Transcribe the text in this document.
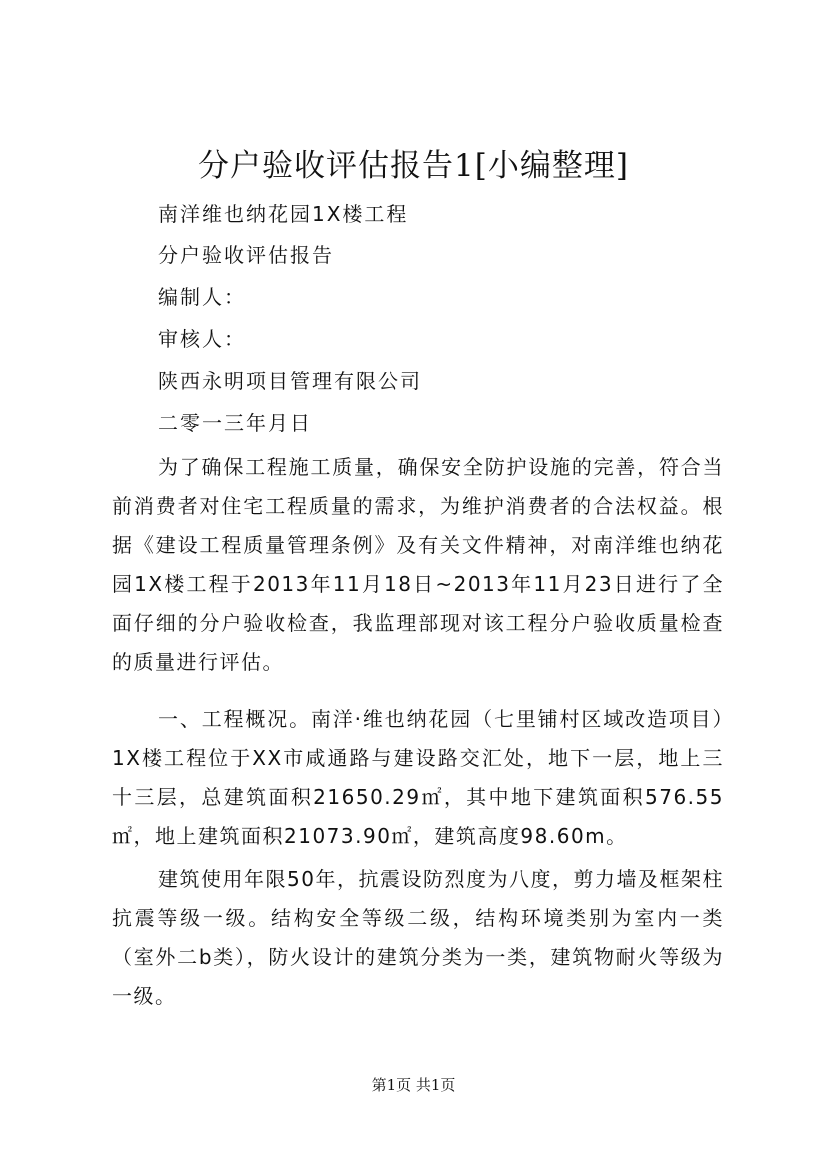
分户验收评估报告1[小编整理]
南洋维也纳花园1X楼工程
分户验收评估报告
编制人：
审核人：
陕西永明项目管理有限公司
二零一三年月日
为了确保工程施工质量，确保安全防护设施的完善，符合当前消费者对住宅工程质量的需求，为维护消费者的合法权益。根据《建设工程质量管理条例》及有关文件精神，对南洋维也纳花园1X楼工程于2013年11月18日~2013年11月23日进行了全面仔细的分户验收检查，我监理部现对该工程分户验收质量检查的质量进行评估。
一、工程概况。南洋·维也纳花园（七里铺村区域改造项目）1X楼工程位于XX市咸通路与建设路交汇处，地下一层，地上三十三层，总建筑面积21650.29㎡，其中地下建筑面积576.55㎡，地上建筑面积21073.90㎡，建筑高度98.60m。
建筑使用年限50年，抗震设防烈度为八度，剪力墙及框架柱抗震等级一级。结构安全等级二级，结构环境类别为室内一类（室外二b类），防火设计的建筑分类为一类，建筑物耐火等级为一级。
第1页 共1页
